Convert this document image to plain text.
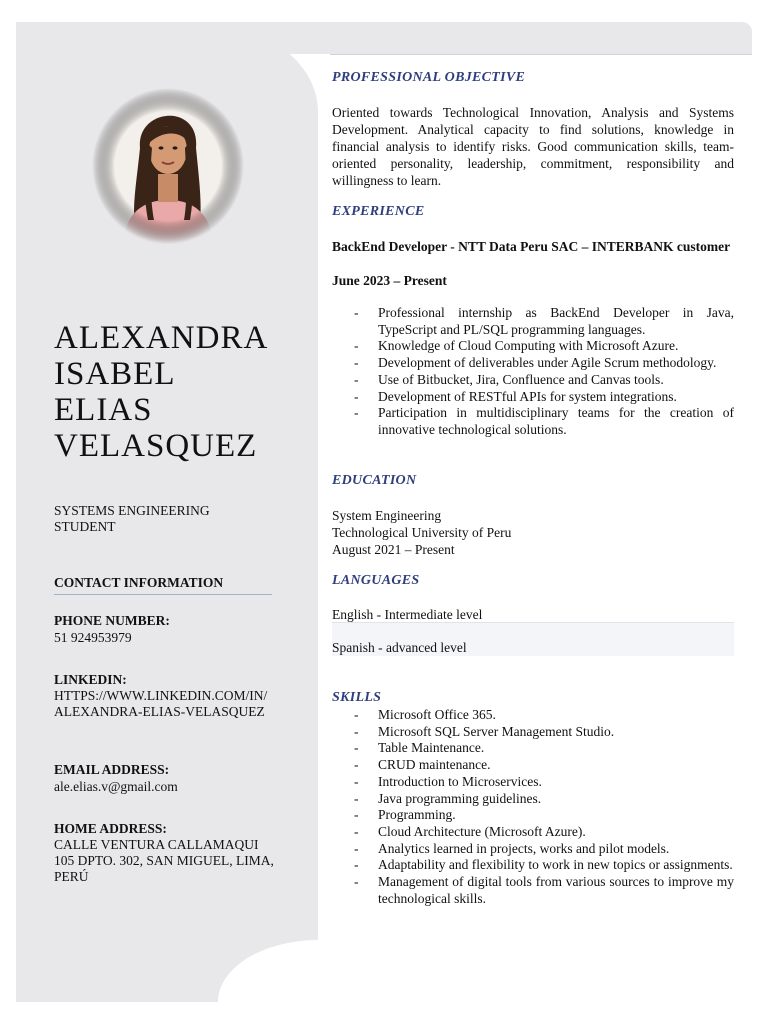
ALEXANDRA
ISABEL
ELIAS
VELASQUEZ
SYSTEMS ENGINEERING STUDENT
CONTACT INFORMATION
PHONE NUMBER:
51 924953979
LINKEDIN:
HTTPS://WWW.LINKEDIN.COM/IN/ALEXANDRA-ELIAS-VELASQUEZ
EMAIL ADDRESS:
ale.elias.v@gmail.com
HOME ADDRESS:
CALLE VENTURA CALLAMAQUI 105 DPTO. 302, SAN MIGUEL, LIMA, PERÚ
PROFESSIONAL OBJECTIVE

Oriented towards Technological Innovation, Analysis and Systems Development. Analytical capacity to find solutions, knowledge in financial analysis to identify risks. Good communication skills, team-oriented personality, leadership, commitment, responsibility and willingness to learn.

EXPERIENCE
BackEnd Developer - NTT Data Peru SAC – INTERBANK customer
June 2023 – Present
- Professional internship as BackEnd Developer in Java, TypeScript and PL/SQL programming languages.
- Knowledge of Cloud Computing with Microsoft Azure.
- Development of deliverables under Agile Scrum methodology.
- Use of Bitbucket, Jira, Confluence and Canvas tools.
- Development of RESTful APIs for system integrations.
- Participation in multidisciplinary teams for the creation of innovative technological solutions.
EDUCATION
System Engineering
Technological University of Peru
August 2021 – Present
LANGUAGES
English - Intermediate level
Spanish - advanced level
SKILLS
- Microsoft Office 365.
- Microsoft SQL Server Management Studio.
- Table Maintenance.
- CRUD maintenance.
- Introduction to Microservices.
- Java programming guidelines.
- Programming.
- Cloud Architecture (Microsoft Azure).
- Analytics learned in projects, works and pilot models.
- Adaptability and flexibility to work in new topics or assignments.
- Management of digital tools from various sources to improve my technological skills.
